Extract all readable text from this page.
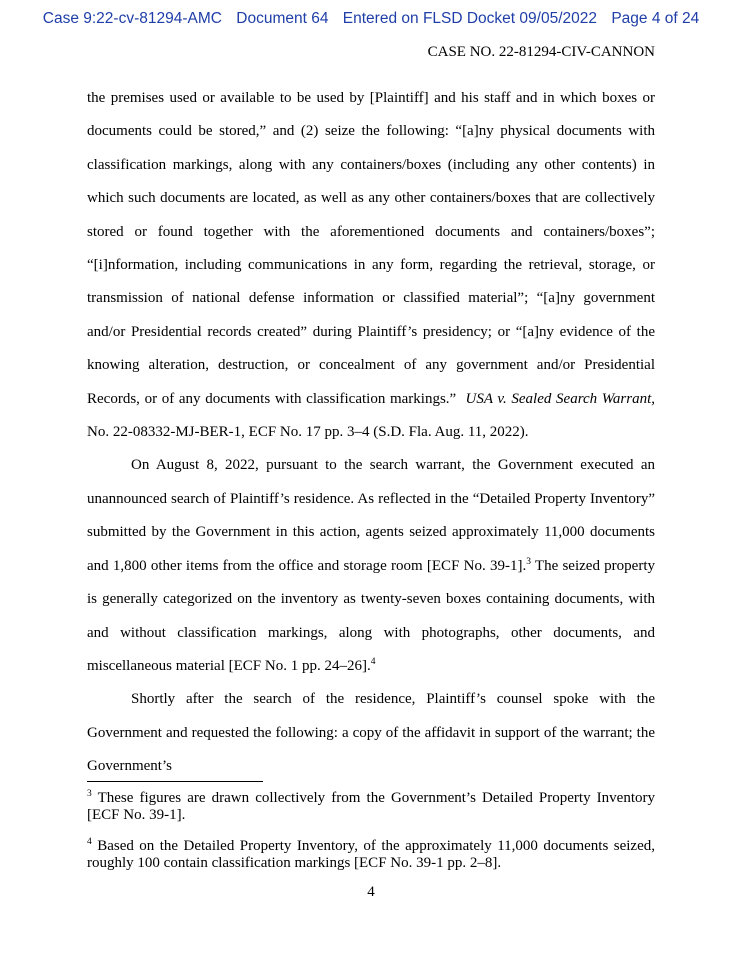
Case 9:22-cv-81294-AMC Document 64 Entered on FLSD Docket 09/05/2022 Page 4 of 24
CASE NO. 22-81294-CIV-CANNON

the premises used or available to be used by [Plaintiff] and his staff and in which boxes or documents could be stored,” and (2) seize the following: “[a]ny physical documents with classification markings, along with any containers/boxes (including any other contents) in which such documents are located, as well as any other containers/boxes that are collectively stored or found together with the aforementioned documents and containers/boxes”; “[i]nformation, including communications in any form, regarding the retrieval, storage, or transmission of national defense information or classified material”; “[a]ny government and/or Presidential records created” during Plaintiff’s presidency; or “[a]ny evidence of the knowing alteration, destruction, or concealment of any government and/or Presidential Records, or of any documents with classification markings.” USA v. Sealed Search Warrant, No. 22-08332-MJ-BER-1, ECF No. 17 pp. 3–4 (S.D. Fla. Aug. 11, 2022).

On August 8, 2022, pursuant to the search warrant, the Government executed an unannounced search of Plaintiff’s residence. As reflected in the “Detailed Property Inventory” submitted by the Government in this action, agents seized approximately 11,000 documents and 1,800 other items from the office and storage room [ECF No. 39-1].$^3$ The seized property is generally categorized on the inventory as twenty-seven boxes containing documents, with and without classification markings, along with photographs, other documents, and miscellaneous material [ECF No. 1 pp. 24–26].$^4$

Shortly after the search of the residence, Plaintiff’s counsel spoke with the Government and requested the following: a copy of the affidavit in support of the warrant; the Government’s

$^3$ These figures are drawn collectively from the Government’s Detailed Property Inventory [ECF No. 39-1].

$^4$ Based on the Detailed Property Inventory, of the approximately 11,000 documents seized, roughly 100 contain classification markings [ECF No. 39-1 pp. 2–8].

4
